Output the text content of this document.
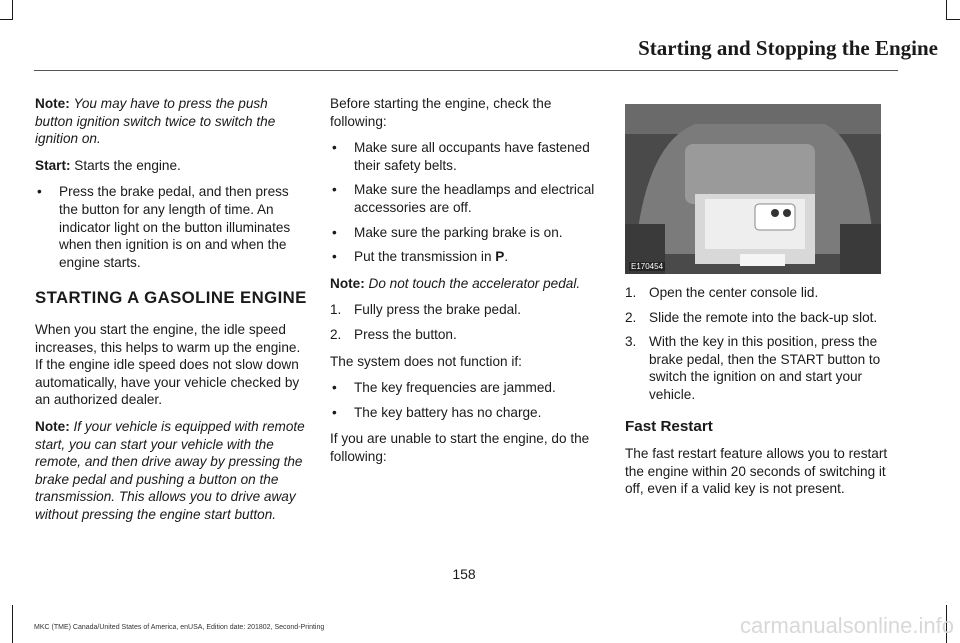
Starting and Stopping the Engine

Note: You may have to press the push button ignition switch twice to switch the ignition on.

Start: Starts the engine.

• Press the brake pedal, and then press the button for any length of time. An indicator light on the button illuminates when then ignition is on and when the engine starts.
STARTING A GASOLINE ENGINE

When you start the engine, the idle speed increases, this helps to warm up the engine. If the engine idle speed does not slow down automatically, have your vehicle checked by an authorized dealer.

Note: If your vehicle is equipped with remote start, you can start your vehicle with the remote, and then drive away by pressing the brake pedal and pushing a button on the transmission. This allows you to drive away without pressing the engine start button.

Before starting the engine, check the following:

• Make sure all occupants have fastened their safety belts.
• Make sure the headlamps and electrical accessories are off.
• Make sure the parking brake is on.
• Put the transmission in P.

Note: Do not touch the accelerator pedal.

1. Fully press the brake pedal.
2. Press the button.

The system does not function if:

• The key frequencies are jammed.
• The key battery has no charge.

If you are unable to start the engine, do the following:

E170454
1. Open the center console lid.
2. Slide the remote into the back-up slot.
3. With the key in this position, press the brake pedal, then the START button to switch the ignition on and start your vehicle.
Fast Restart

The fast restart feature allows you to restart the engine within 20 seconds of switching it off, even if a valid key is not present.

158
MKC (TME) Canada/United States of America, enUSA, Edition date: 201802, Second-Printing	carmanualsonline.info
